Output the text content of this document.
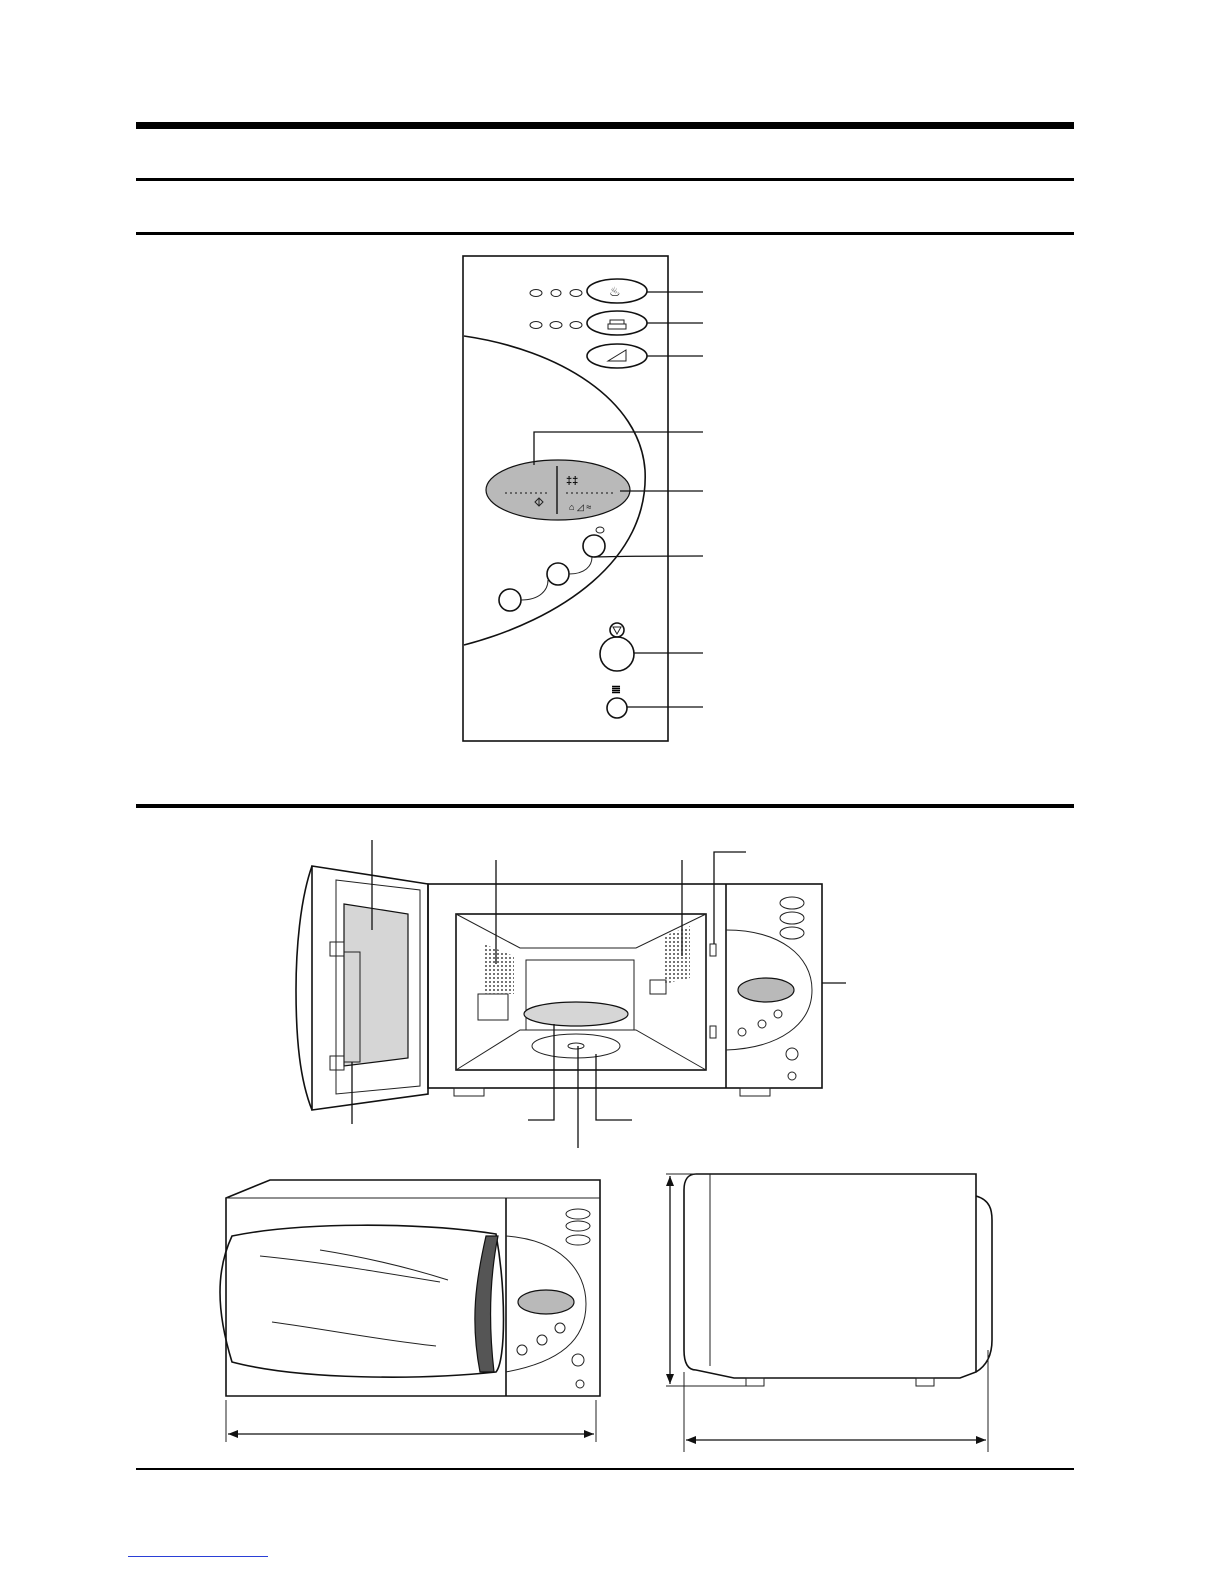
♨
‡‡
⌂ ◿ ≈
≣
